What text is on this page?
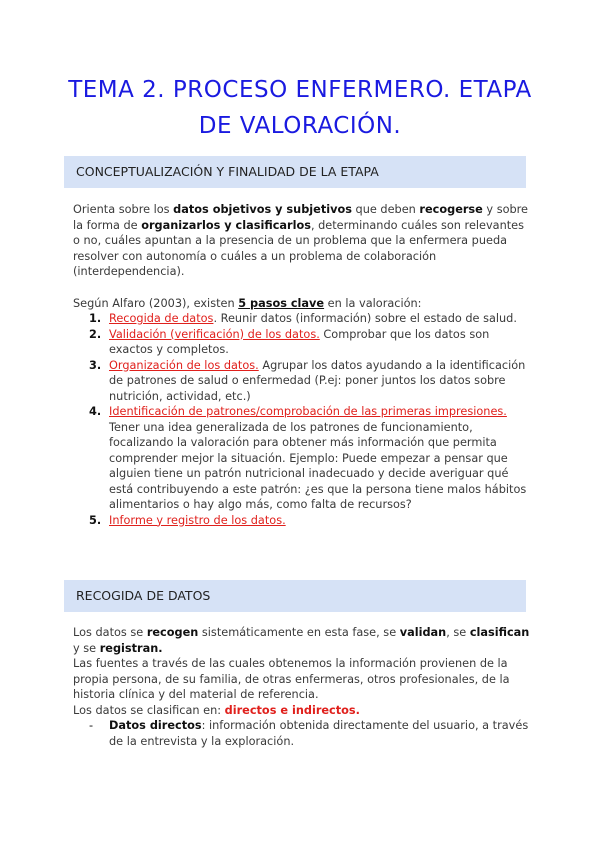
TEMA 2. PROCESO ENFERMERO. ETAPA DE VALORACIÓN.
CONCEPTUALIZACIÓN Y FINALIDAD DE LA ETAPA

Orienta sobre los datos objetivos y subjetivos que deben recogerse y sobre la forma de organizarlos y clasificarlos, determinando cuáles son relevantes o no, cuáles apuntan a la presencia de un problema que la enfermera pueda resolver con autonomía o cuáles a un problema de colaboración (interdependencia).

Según Alfaro (2003), existen 5 pasos clave en la valoración:

1. Recogida de datos. Reunir datos (información) sobre el estado de salud.
2. Validación (verificación) de los datos. Comprobar que los datos son exactos y completos.
3. Organización de los datos. Agrupar los datos ayudando a la identificación de patrones de salud o enfermedad (P.ej: poner juntos los datos sobre nutrición, actividad, etc.)
4. Identificación de patrones/comprobación de las primeras impresiones. Tener una idea generalizada de los patrones de funcionamiento, focalizando la valoración para obtener más información que permita comprender mejor la situación. Ejemplo: Puede empezar a pensar que alguien tiene un patrón nutricional inadecuado y decide averiguar qué está contribuyendo a este patrón: ¿es que la persona tiene malos hábitos alimentarios o hay algo más, como falta de recursos?
5. Informe y registro de los datos.
RECOGIDA DE DATOS

Los datos se recogen sistemáticamente en esta fase, se validan, se clasifican y se registran.

Las fuentes a través de las cuales obtenemos la información provienen de la propia persona, de su familia, de otras enfermeras, otros profesionales, de la historia clínica y del material de referencia.

Los datos se clasifican en: directos e indirectos.

- Datos directos: información obtenida directamente del usuario, a través de la entrevista y la exploración.
